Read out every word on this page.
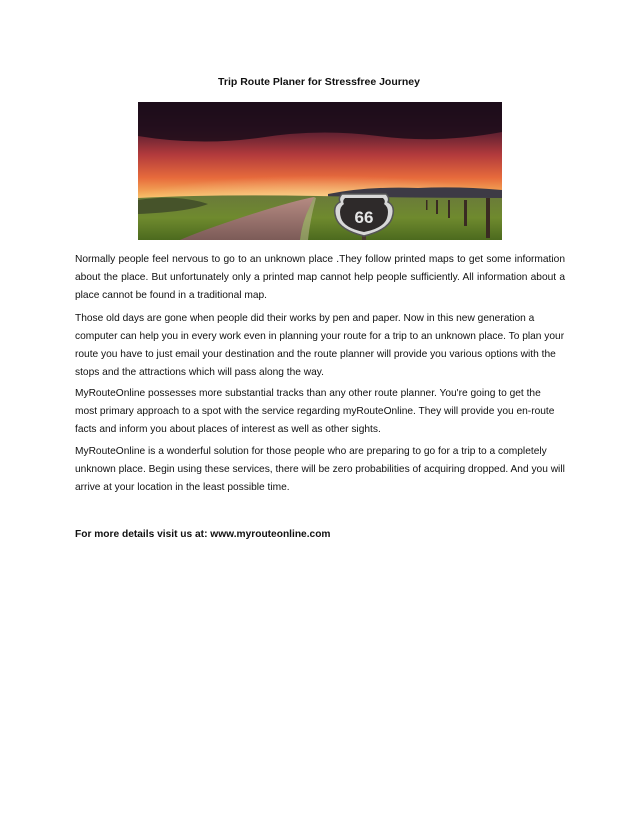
Trip Route Planer for Stressfree Journey
66

Normally people feel nervous to go to an unknown place .They follow printed maps to get some information about the place. But unfortunately only a printed map cannot help people sufficiently. All information about a place cannot be found in a traditional map.

Those old days are gone when people did their works by pen and paper. Now in this new generation a computer can help you in every work even in planning your route for a trip to an unknown place. To plan your route you have to just email your destination and the route planner will provide you various options with the stops and the attractions which will pass along the way.

MyRouteOnline possesses more substantial tracks than any other route planner. You're going to get the most primary approach to a spot with the service regarding myRouteOnline. They will provide you en-route facts and inform you about places of interest as well as other sights.

MyRouteOnline is a wonderful solution for those people who are preparing to go for a trip to a completely unknown place. Begin using these services, there will be zero probabilities of acquiring dropped. And you will arrive at your location in the least possible time.

For more details visit us at: www.myrouteonline.com
